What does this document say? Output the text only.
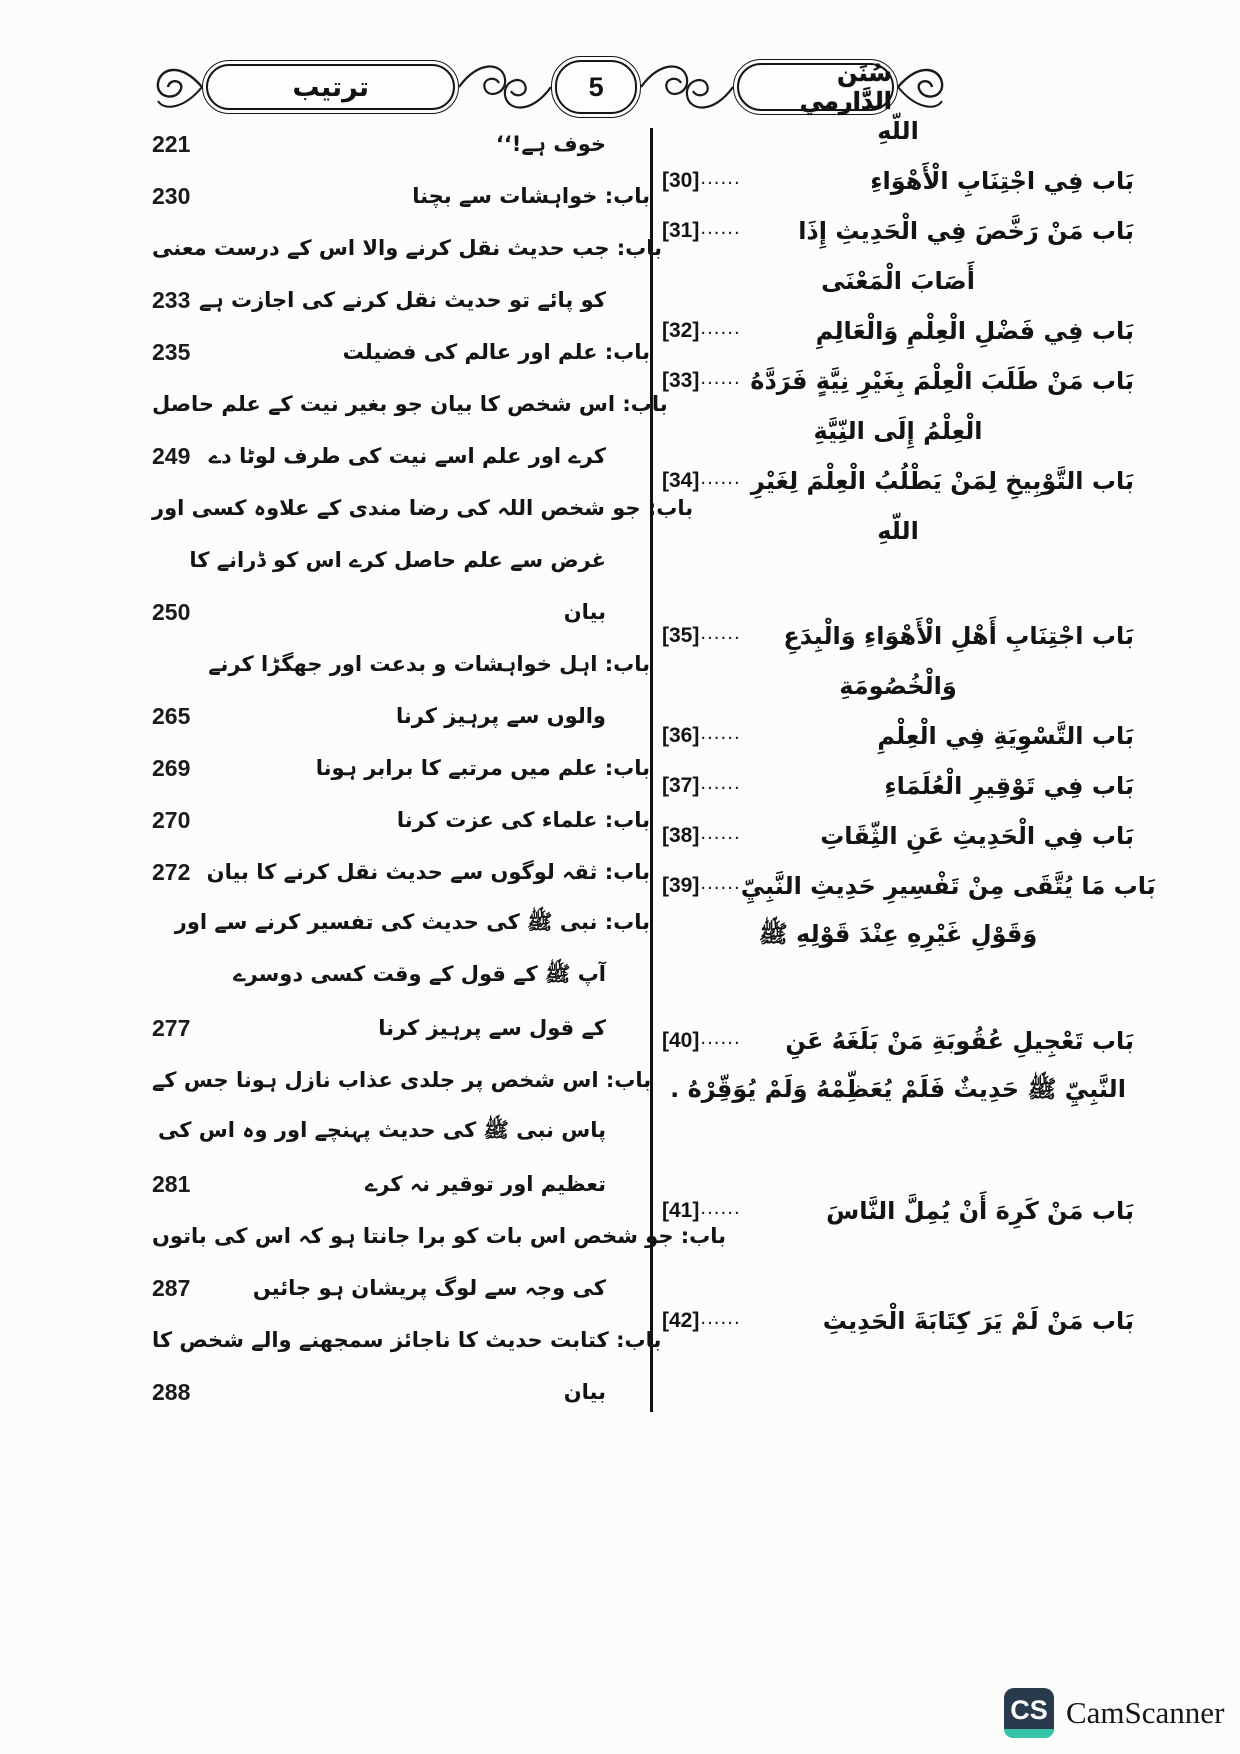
ترتيب	5	سُنَن الدَّارمي
اللّهِ
[30] ......	بَاب فِي اجْتِنَابِ الْأَهْوَاءِ
[31] ......	بَاب مَنْ رَخَّصَ فِي الْحَدِيثِ إِذَا
أَصَابَ الْمَعْنَى
[32] ......	بَاب فِي فَضْلِ الْعِلْمِ وَالْعَالِمِ
[33] ...... بَاب مَنْ طَلَبَ الْعِلْمَ بِغَيْرِ نِيَّةٍ فَرَدَّهُ
الْعِلْمُ إِلَى النِّيَّةِ
[34] ...... بَاب التَّوْبِيخِ لِمَنْ يَطْلُبُ الْعِلْمَ لِغَيْرِ
اللّهِ
[35] ......	بَاب اجْتِنَابِ أَهْلِ الْأَهْوَاءِ وَالْبِدَعِ
وَالْخُصُومَةِ
[36] ......	بَاب التَّسْوِيَةِ فِي الْعِلْمِ
[37] ......	بَاب فِي تَوْقِيرِ الْعُلَمَاءِ
[38] ......	بَاب فِي الْحَدِيثِ عَنِ الثِّقَاتِ
[39] ...... بَاب مَا يُتَّقَى مِنْ تَفْسِيرِ حَدِيثِ النَّبِيِّ
وَقَوْلِ غَيْرِهِ عِنْدَ قَوْلِهِ ﷺ
[40] ......	بَاب تَعْجِيلِ عُقُوبَةِ مَنْ بَلَغَهُ عَنِ
النَّبِيِّ ﷺ حَدِيثٌ فَلَمْ يُعَظِّمْهُ وَلَمْ يُوَقِّرْهُ .
[41] ......	بَاب مَنْ كَرِهَ أَنْ يُمِلَّ النَّاسَ
[42] ......	بَاب مَنْ لَمْ يَرَ كِتَابَةَ الْحَدِيثِ
221	خوف ہے!‘‘
230	باب: خواہشات سے بچنا
باب: جب حدیث نقل کرنے والا اس کے درست معنی
233 کو پائے تو حدیث نقل کرنے کی اجازت ہے
235	باب: علم اور عالم کی فضیلت
باب: اس شخص کا بیان جو بغیر نیت کے علم حاصل
249 کرے اور علم اسے نیت کی طرف لوٹا دے
باب: جو شخص اللہ کی رضا مندی کے علاوہ کسی اور
غرض سے علم حاصل کرے اس کو ڈرانے کا
250	بیان
باب: اہل خواہشات و بدعت اور جھگڑا کرنے
265	والوں سے پرہیز کرنا
269	باب: علم میں مرتبے کا برابر ہونا
270	باب: علماء کی عزت کرنا
272 باب: ثقہ لوگوں سے حدیث نقل کرنے کا بیان
باب: نبی ﷺ کی حدیث کی تفسیر کرنے سے اور
آپ ﷺ کے قول کے وقت کسی دوسرے
277	کے قول سے پرہیز کرنا
باب: اس شخص پر جلدی عذاب نازل ہونا جس کے
پاس نبی ﷺ کی حدیث پہنچے اور وہ اس کی
281	تعظیم اور توقیر نہ کرے
باب: جو شخص اس بات کو برا جانتا ہو کہ اس کی باتوں
287	کی وجہ سے لوگ پریشان ہو جائیں
باب: کتابت حدیث کا ناجائز سمجھنے والے شخص کا
288	بیان
CS CamScanner
